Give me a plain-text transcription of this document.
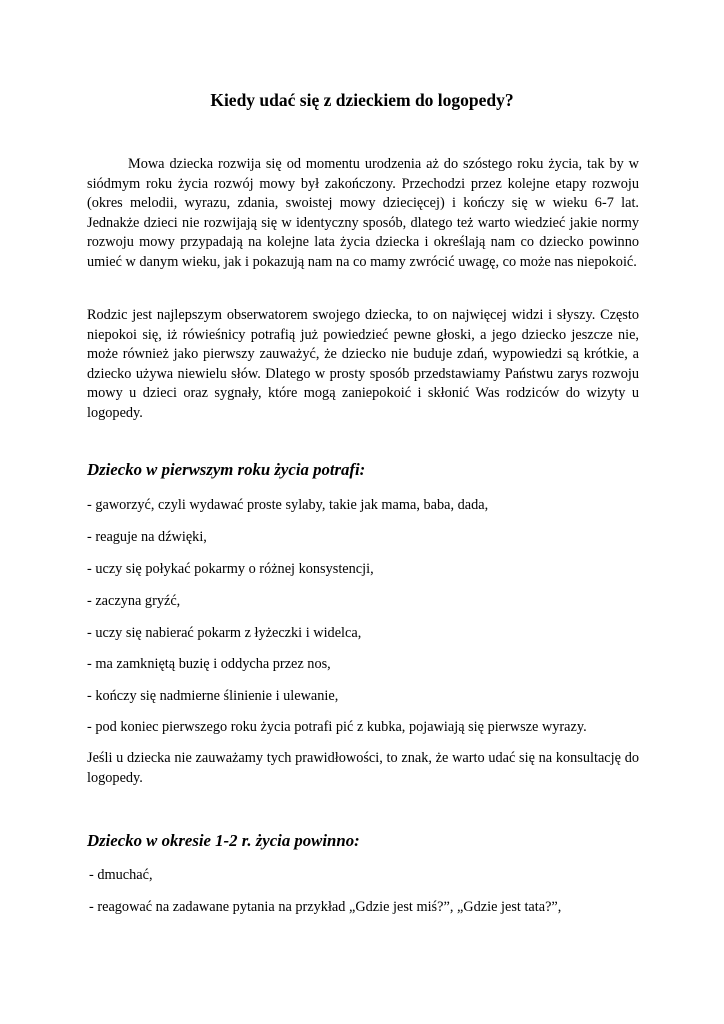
Kiedy udać się z dzieckiem do logopedy?

Mowa dziecka rozwija się od momentu urodzenia aż do szóstego roku życia, tak by w siódmym roku życia rozwój mowy był zakończony. Przechodzi przez kolejne etapy rozwoju (okres melodii, wyrazu, zdania, swoistej mowy dziecięcej) i kończy się w wieku 6-7 lat. Jednakże dzieci nie rozwijają się w identyczny sposób, dlatego też warto wiedzieć jakie normy rozwoju mowy przypadają na kolejne lata życia dziecka i określają nam co dziecko powinno umieć w danym wieku, jak i pokazują nam na co mamy zwrócić uwagę, co może nas niepokoić.

Rodzic jest najlepszym obserwatorem swojego dziecka, to on najwięcej widzi i słyszy. Często niepokoi się, iż rówieśnicy potrafią już powiedzieć pewne głoski, a jego dziecko jeszcze nie, może również jako pierwszy zauważyć, że dziecko nie buduje zdań, wypowiedzi są krótkie, a dziecko używa niewielu słów. Dlatego w prosty sposób przedstawiamy Państwu zarys rozwoju mowy u dzieci oraz sygnały, które mogą zaniepokoić i skłonić Was rodziców do wizyty u logopedy.

Dziecko w pierwszym roku życia potrafi:

- gaworzyć, czyli wydawać proste sylaby, takie jak mama, baba, dada,

- reaguje na dźwięki,

- uczy się połykać pokarmy o różnej konsystencji,

- zaczyna gryźć,

- uczy się nabierać pokarm z łyżeczki i widelca,

- ma zamkniętą buzię i oddycha przez nos,

- kończy się nadmierne ślinienie i ulewanie,

- pod koniec pierwszego roku życia potrafi pić z kubka, pojawiają się pierwsze wyrazy.

Jeśli u dziecka nie zauważamy tych prawidłowości, to znak, że warto udać się na konsultację do logopedy.

Dziecko w okresie 1-2 r. życia powinno:

- dmuchać,

- reagować na zadawane pytania na przykład „Gdzie jest miś?”, „Gdzie jest tata?”,
